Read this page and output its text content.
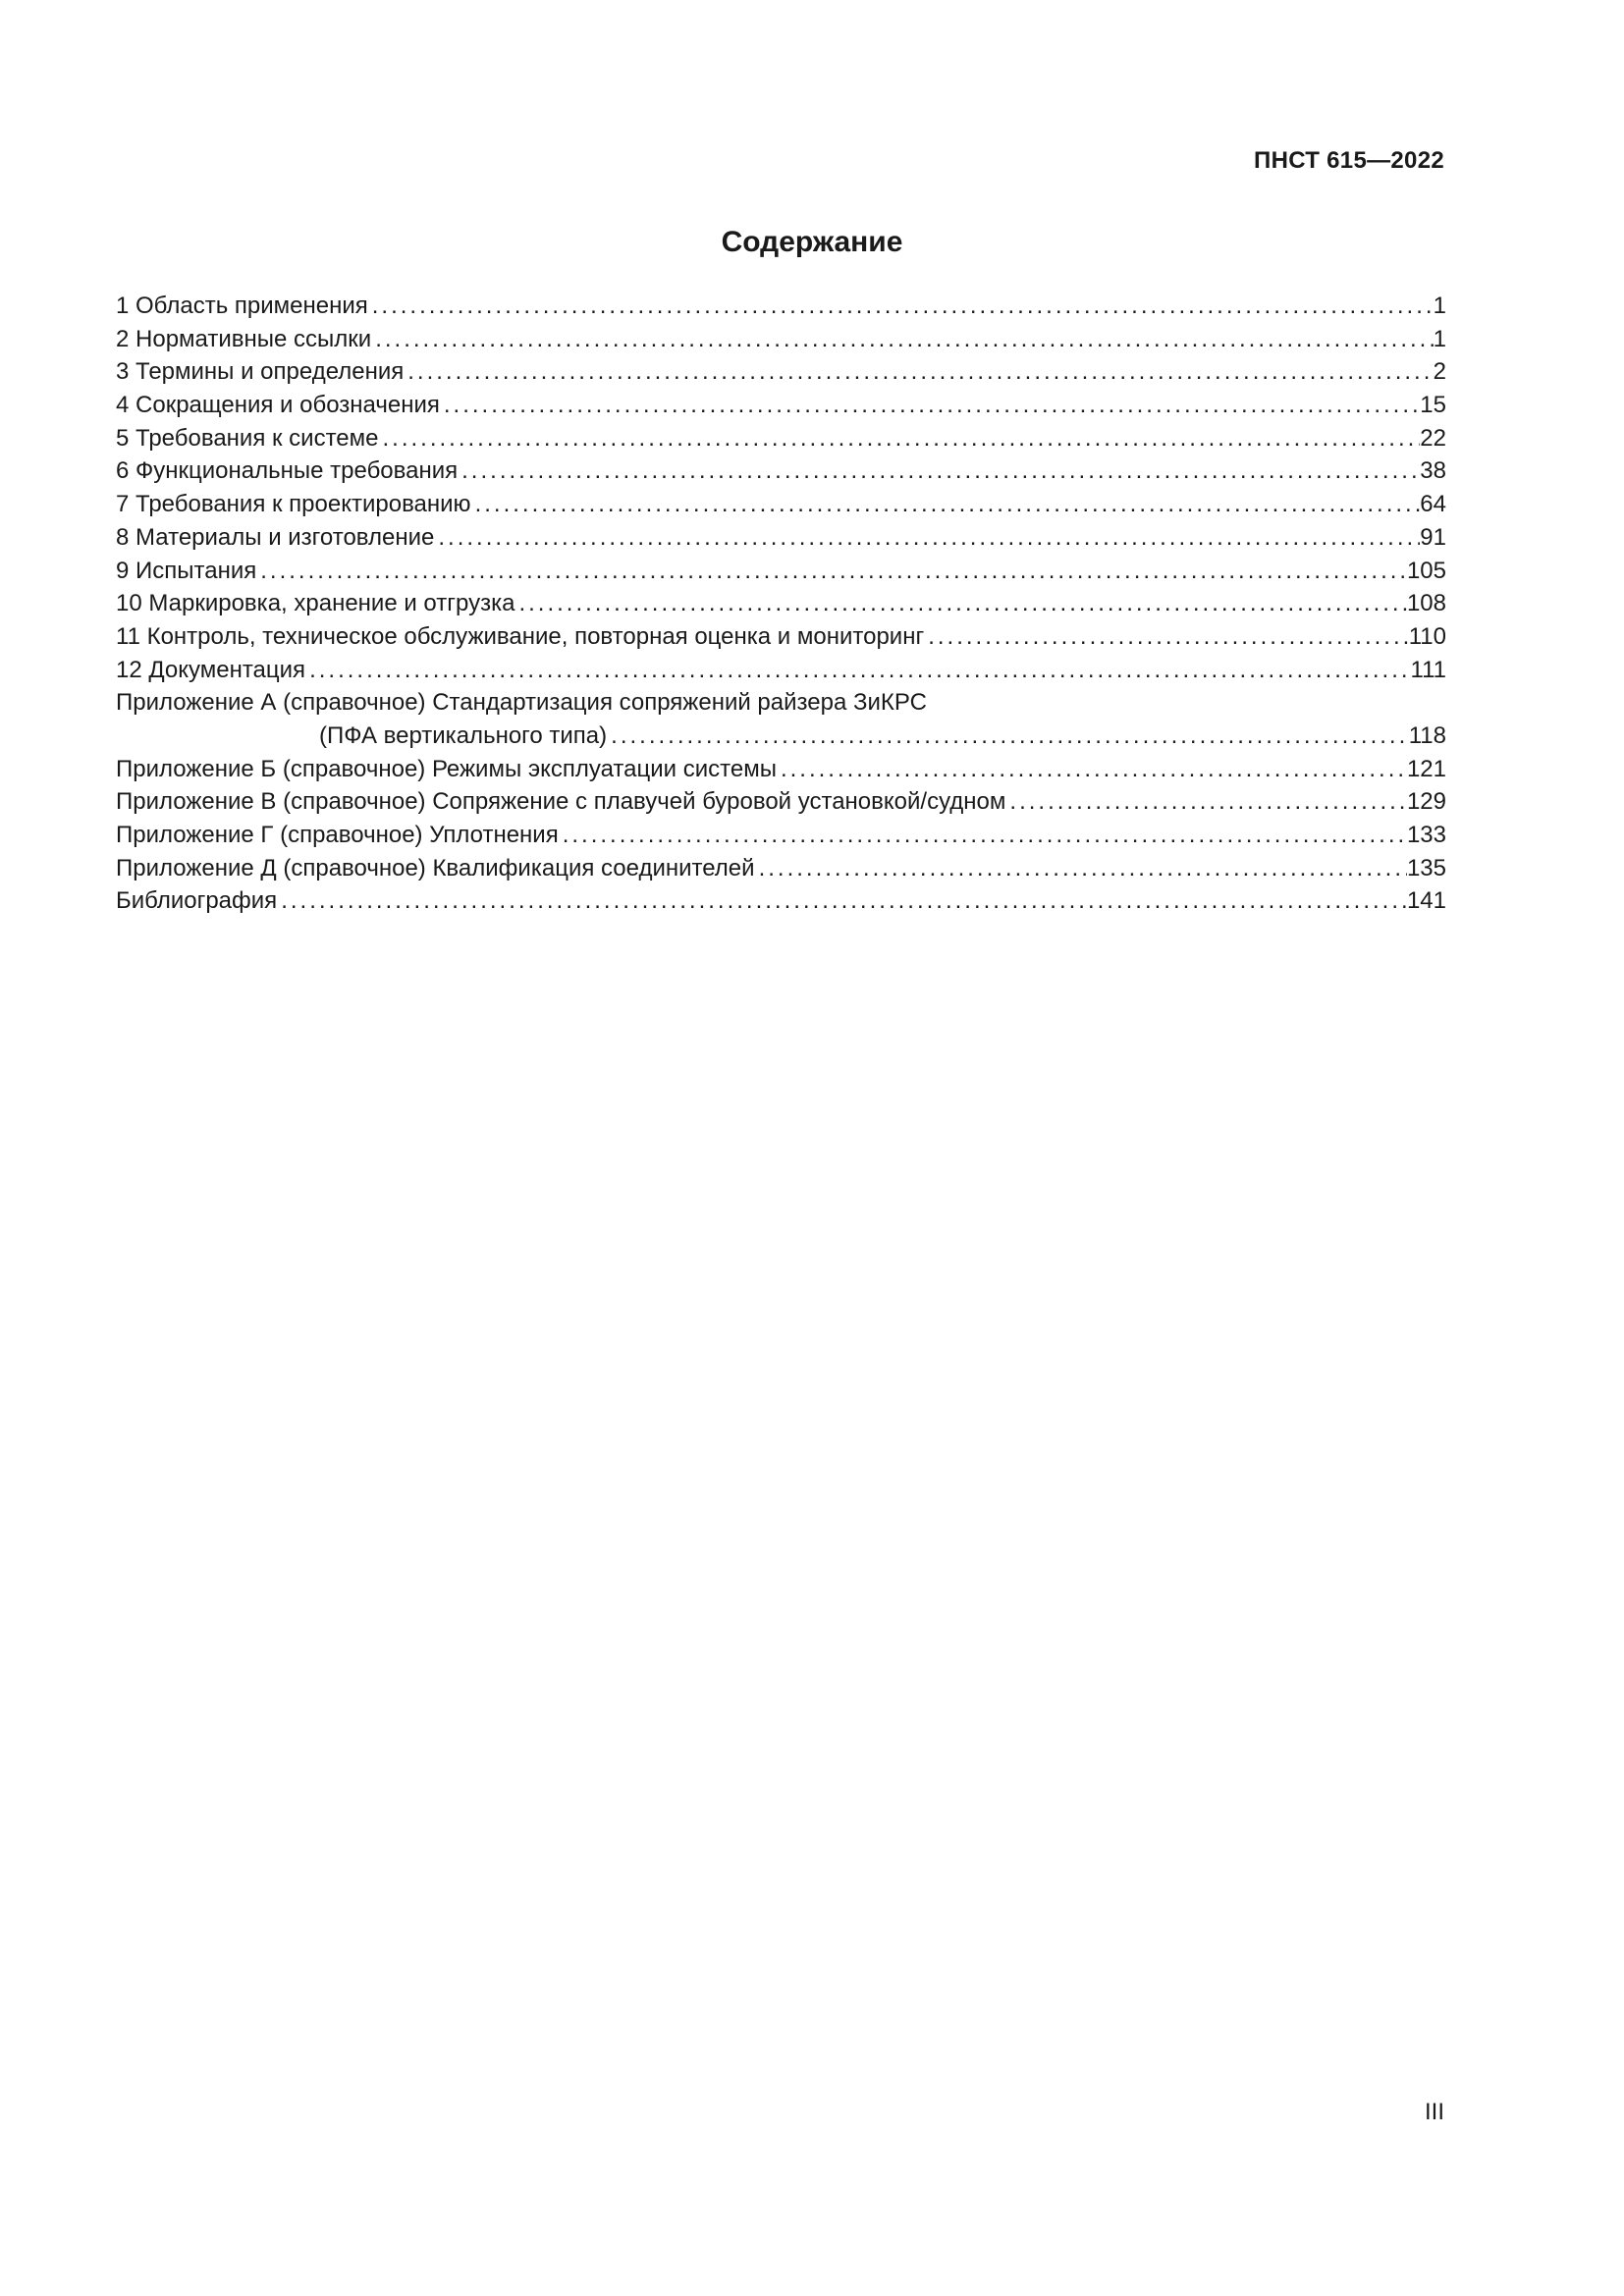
ПНСТ 615—2022
Содержание
1 Область применения .....	1
2 Нормативные ссылки .....	1
3 Термины и определения .....	2
4 Сокращения и обозначения .....	15
5 Требования к системе .....	22
6 Функциональные требования .....	38
7 Требования к проектированию .....	64
8 Материалы и изготовление .....	91
9 Испытания .....	105
10 Маркировка, хранение и отгрузка .....	108
11 Контроль, техническое обслуживание, повторная оценка и мониторинг .....	110
12 Документация .....	111
Приложение А (справочное) Стандартизация сопряжений райзера ЗиКРС
(ПФА вертикального типа) .....	118
Приложение Б (справочное) Режимы эксплуатации системы .....	121
Приложение В (справочное) Сопряжение с плавучей буровой установкой/судном .....	129
Приложение Г (справочное) Уплотнения .....	133
Приложение Д (справочное) Квалификация соединителей .....	135
Библиография .....	141
III
